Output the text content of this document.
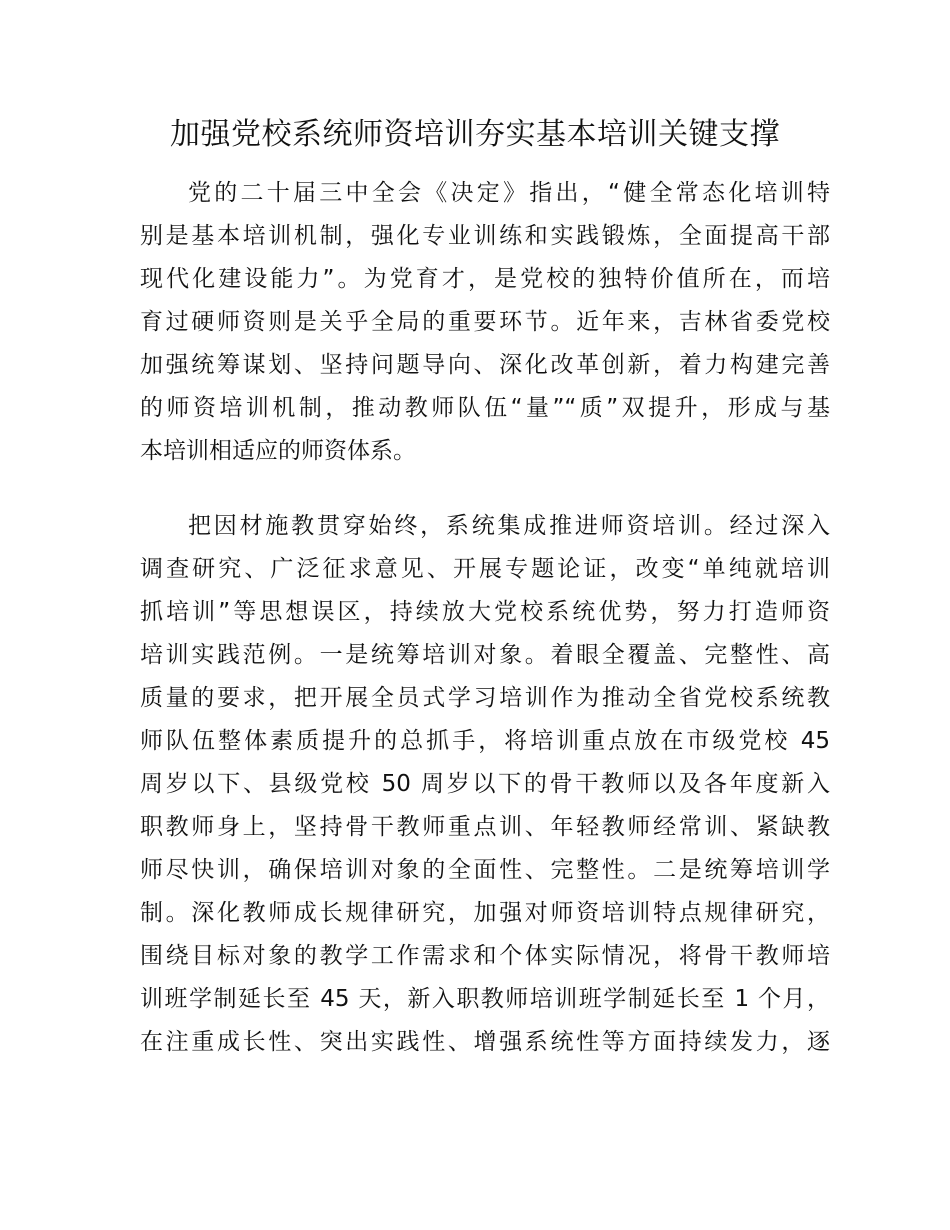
加强党校系统师资培训夯实基本培训关键支撑
党的二十届三中全会《决定》指出，“健全常态化培训特
别是基本培训机制，强化专业训练和实践锻炼，全面提高干部
现代化建设能力”。为党育才，是党校的独特价值所在，而培
育过硬师资则是关乎全局的重要环节。近年来，吉林省委党校
加强统筹谋划、坚持问题导向、深化改革创新，着力构建完善
的师资培训机制，推动教师队伍“量”“质”双提升，形成与基
本培训相适应的师资体系。
把因材施教贯穿始终，系统集成推进师资培训。经过深入
调查研究、广泛征求意见、开展专题论证，改变“单纯就培训
抓培训”等思想误区，持续放大党校系统优势，努力打造师资
培训实践范例。一是统筹培训对象。着眼全覆盖、完整性、高
质量的要求，把开展全员式学习培训作为推动全省党校系统教
师队伍整体素质提升的总抓手，将培训重点放在市级党校 45
周岁以下、县级党校 50 周岁以下的骨干教师以及各年度新入
职教师身上，坚持骨干教师重点训、年轻教师经常训、紧缺教
师尽快训，确保培训对象的全面性、完整性。二是统筹培训学
制。深化教师成长规律研究，加强对师资培训特点规律研究，
围绕目标对象的教学工作需求和个体实际情况，将骨干教师培
训班学制延长至 45 天，新入职教师培训班学制延长至 1 个月，
在注重成长性、突出实践性、增强系统性等方面持续发力，逐
